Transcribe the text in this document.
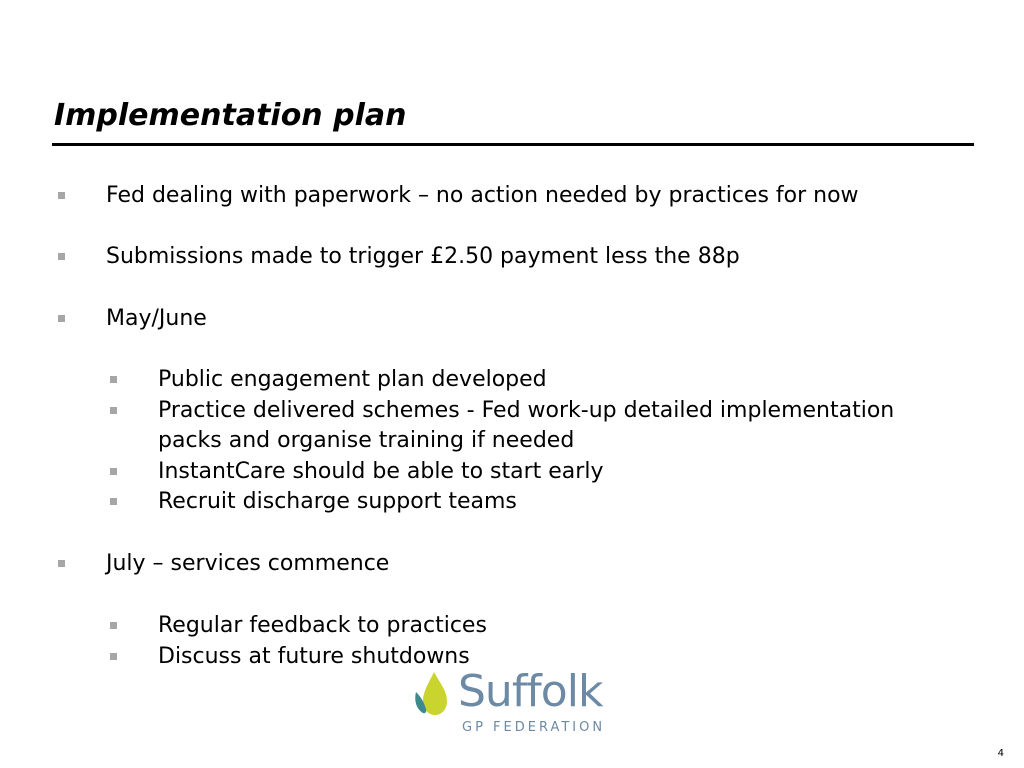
Implementation plan
Fed dealing with paperwork – no action needed by practices for now
Submissions made to trigger £2.50 payment less the 88p
May/June
Public engagement plan developed
Practice delivered schemes - Fed work-up detailed implementation
packs and organise training if needed
InstantCare should be able to start early
Recruit discharge support teams
July – services commence
Regular feedback to practices
Discuss at future shutdowns
Suffolk
GP FEDERATION
4
